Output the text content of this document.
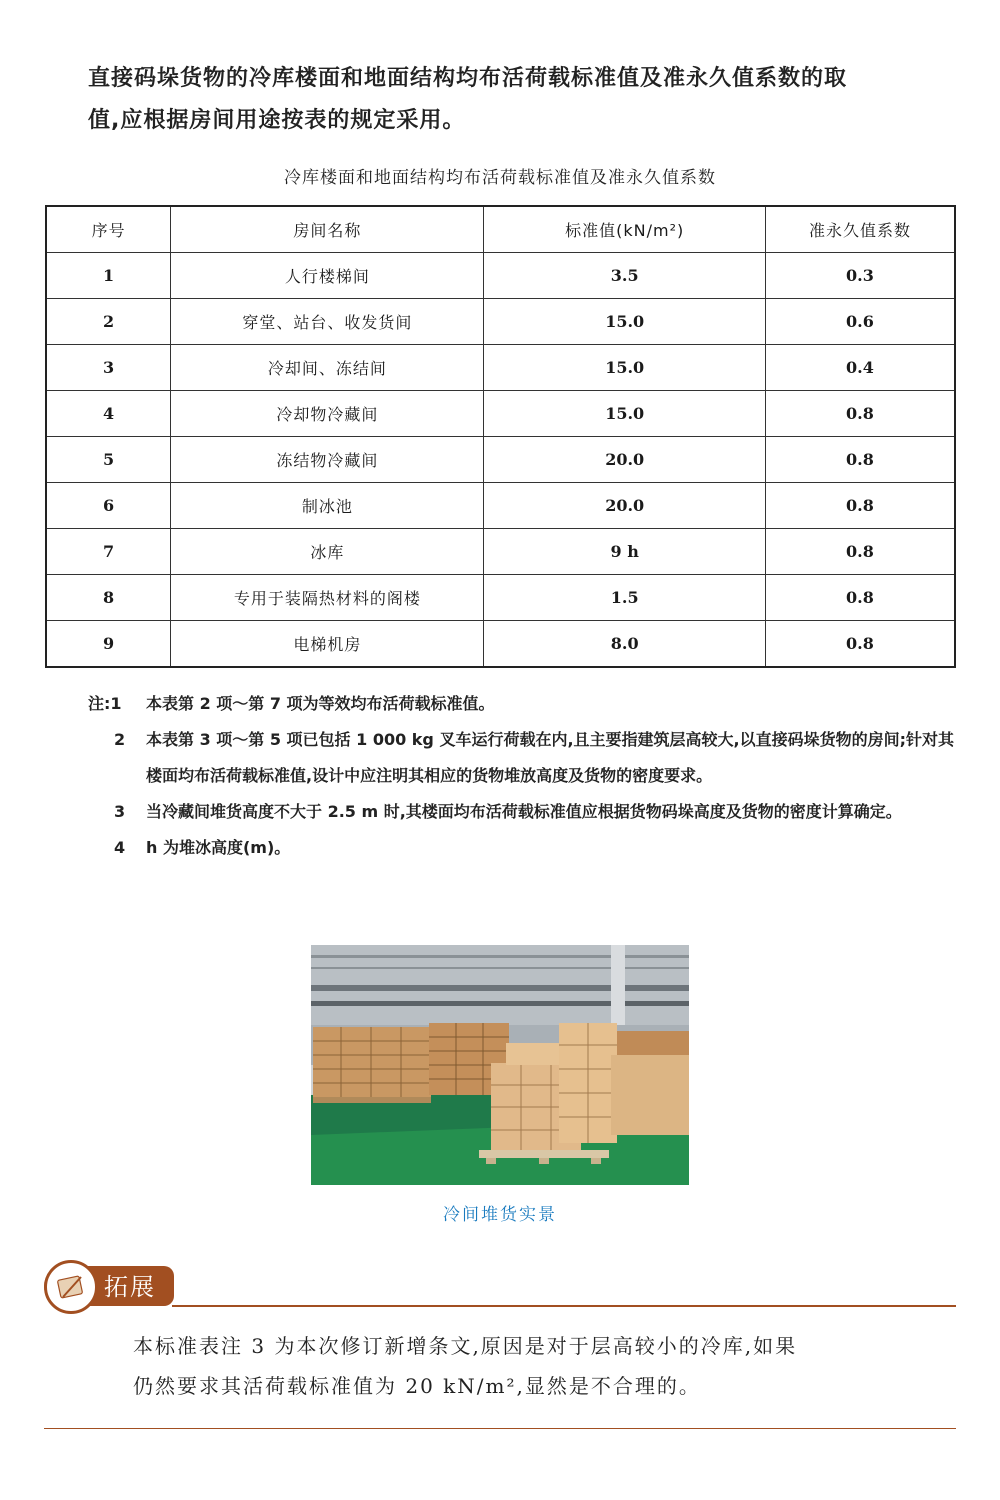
直接码垛货物的冷库楼面和地面结构均布活荷载标准值及准永久值系数的取
值,应根据房间用途按表的规定采用。
冷库楼面和地面结构均布活荷载标准值及准永久值系数
序号	房间名称	标准值(kN/m²)	准永久值系数
1	人行楼梯间	3.5	0.3
2	穿堂、站台、收发货间	15.0	0.6
3	冷却间、冻结间	15.0	0.4
4	冷却物冷藏间	15.0	0.8
5	冻结物冷藏间	20.0	0.8
6	制冰池	20.0	0.8
7	冰库	9 h	0.8
8	专用于装隔热材料的阁楼	1.5	0.8
9	电梯机房	8.0	0.8
注:1	本表第 2 项～第 7 项为等效均布活荷载标准值。
2	本表第 3 项～第 5 项已包括 1 000 kg 叉车运行荷载在内,且主要指建筑层高较大,以直接码垛货物的房间;针对其楼面均布活荷载标准值,设计中应注明其相应的货物堆放高度及货物的密度要求。
3	当冷藏间堆货高度不大于 2.5 m 时,其楼面均布活荷载标准值应根据货物码垛高度及货物的密度计算确定。
4	h 为堆冰高度(m)。
冷间堆货实景
拓展
本标准表注 3 为本次修订新增条文,原因是对于层高较小的冷库,如果
仍然要求其活荷载标准值为 20 kN/m²,显然是不合理的。
